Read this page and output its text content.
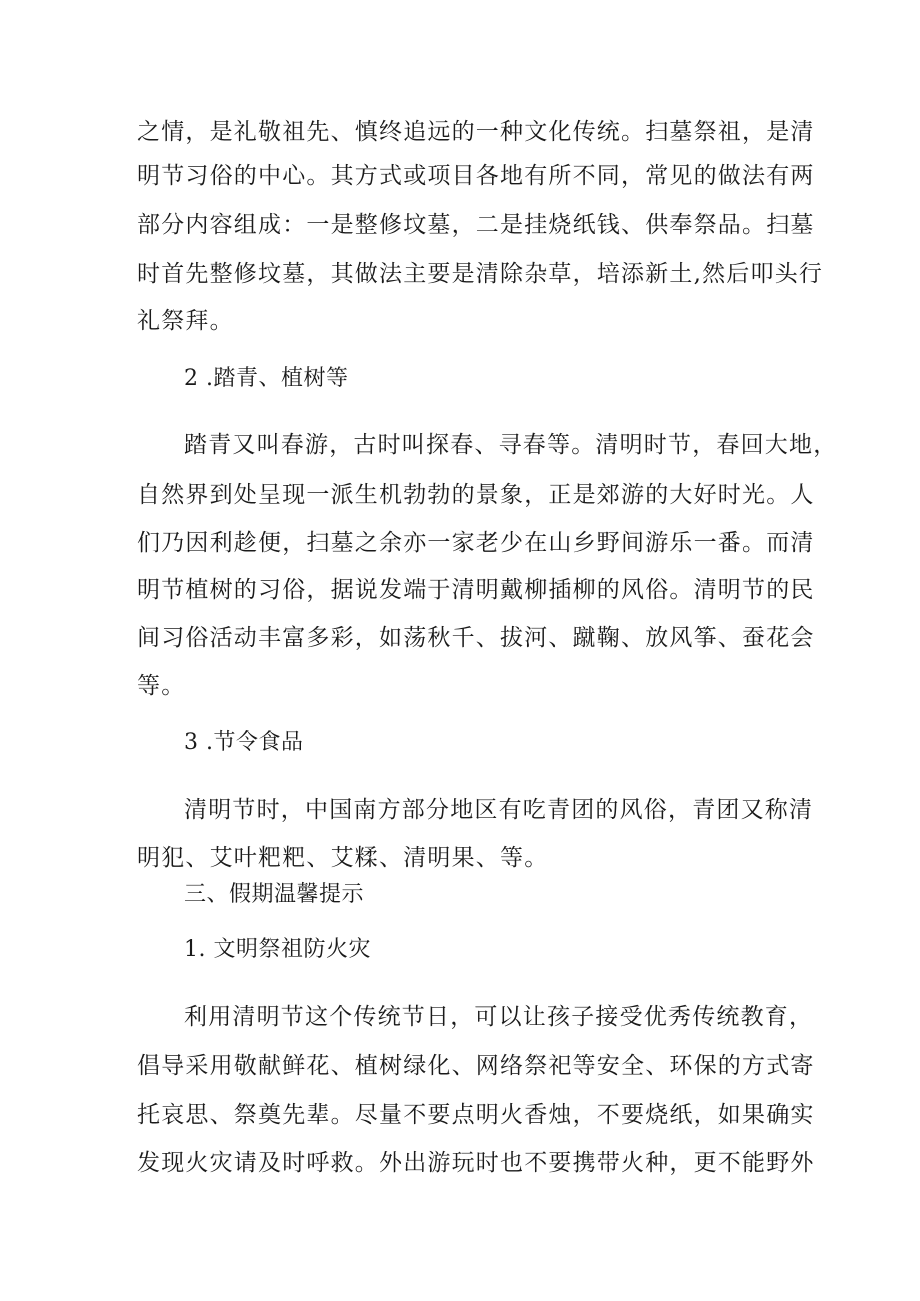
之情，是礼敬祖先、慎终追远的一种文化传统。扫墓祭祖，是清
明节习俗的中心。其方式或项目各地有所不同，常见的做法有两
部分内容组成：一是整修坟墓，二是挂烧纸钱、供奉祭品。扫墓
时首先整修坟墓，其做法主要是清除杂草，培添新土,然后叩头行
礼祭拜。
2 .踏青、植树等
踏青又叫春游，古时叫探春、寻春等。清明时节，春回大地，
自然界到处呈现一派生机勃勃的景象，正是郊游的大好时光。人
们乃因利趁便，扫墓之余亦一家老少在山乡野间游乐一番。而清
明节植树的习俗，据说发端于清明戴柳插柳的风俗。清明节的民
间习俗活动丰富多彩，如荡秋千、拔河、蹴鞠、放风筝、蚕花会
等。
3 .节令食品
清明节时，中国南方部分地区有吃青团的风俗，青团又称清
明犯、艾叶粑粑、艾糅、清明果、等。
三、假期温馨提示
1. 文明祭祖防火灾
利用清明节这个传统节日，可以让孩子接受优秀传统教育，
倡导采用敬献鲜花、植树绿化、网络祭祀等安全、环保的方式寄
托哀思、祭奠先辈。尽量不要点明火香烛，不要烧纸，如果确实
发现火灾请及时呼救。外出游玩时也不要携带火种，更不能野外
